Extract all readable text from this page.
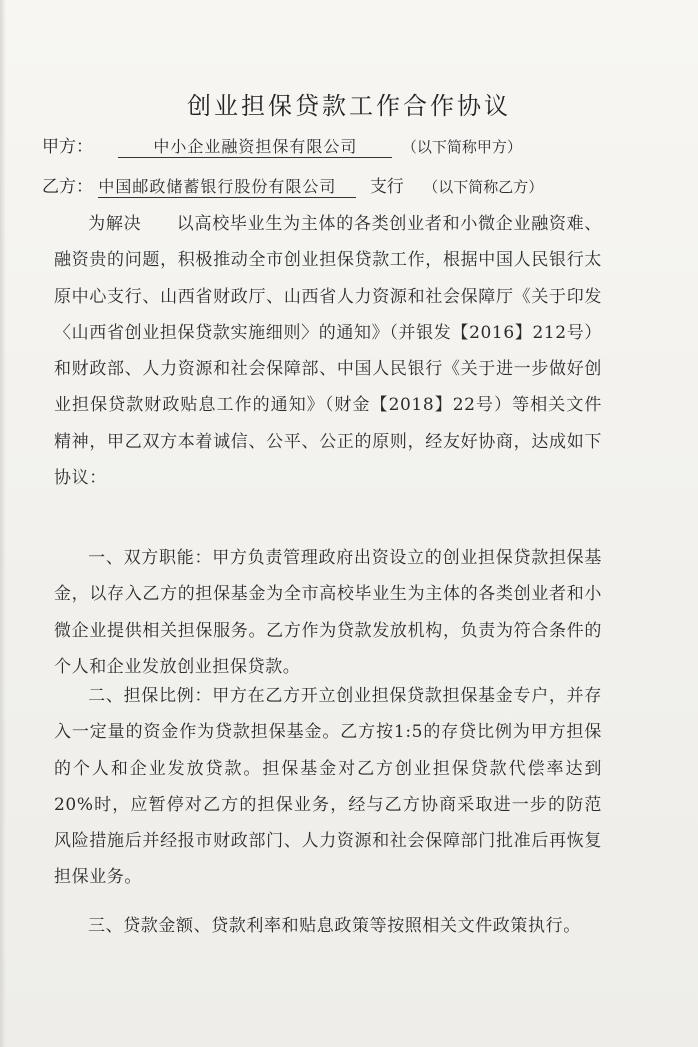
创业担保贷款工作合作协议
甲方：	中小企业融资担保有限公司	（以下简称甲方）
乙方： 中国邮政储蓄银行股份有限公司 支行 （以下简称乙方）

为解决　　以高校毕业生为主体的各类创业者和小微企业融资难、融资贵的问题，积极推动全市创业担保贷款工作，根据中国人民银行太原中心支行、山西省财政厅、山西省人力资源和社会保障厅《关于印发〈山西省创业担保贷款实施细则〉的通知》（并银发【2016】212号）和财政部、人力资源和社会保障部、中国人民银行《关于进一步做好创业担保贷款财政贴息工作的通知》（财金【2018】22号）等相关文件精神，甲乙双方本着诚信、公平、公正的原则，经友好协商，达成如下协议：

一、双方职能：甲方负责管理政府出资设立的创业担保贷款担保基金，以存入乙方的担保基金为全市高校毕业生为主体的各类创业者和小微企业提供相关担保服务。乙方作为贷款发放机构，负责为符合条件的个人和企业发放创业担保贷款。

二、担保比例：甲方在乙方开立创业担保贷款担保基金专户，并存入一定量的资金作为贷款担保基金。乙方按1:5的存贷比例为甲方担保的个人和企业发放贷款。担保基金对乙方创业担保贷款代偿率达到20%时，应暂停对乙方的担保业务，经与乙方协商采取进一步的防范风险措施后并经报市财政部门、人力资源和社会保障部门批准后再恢复担保业务。

三、贷款金额、贷款利率和贴息政策等按照相关文件政策执行。
